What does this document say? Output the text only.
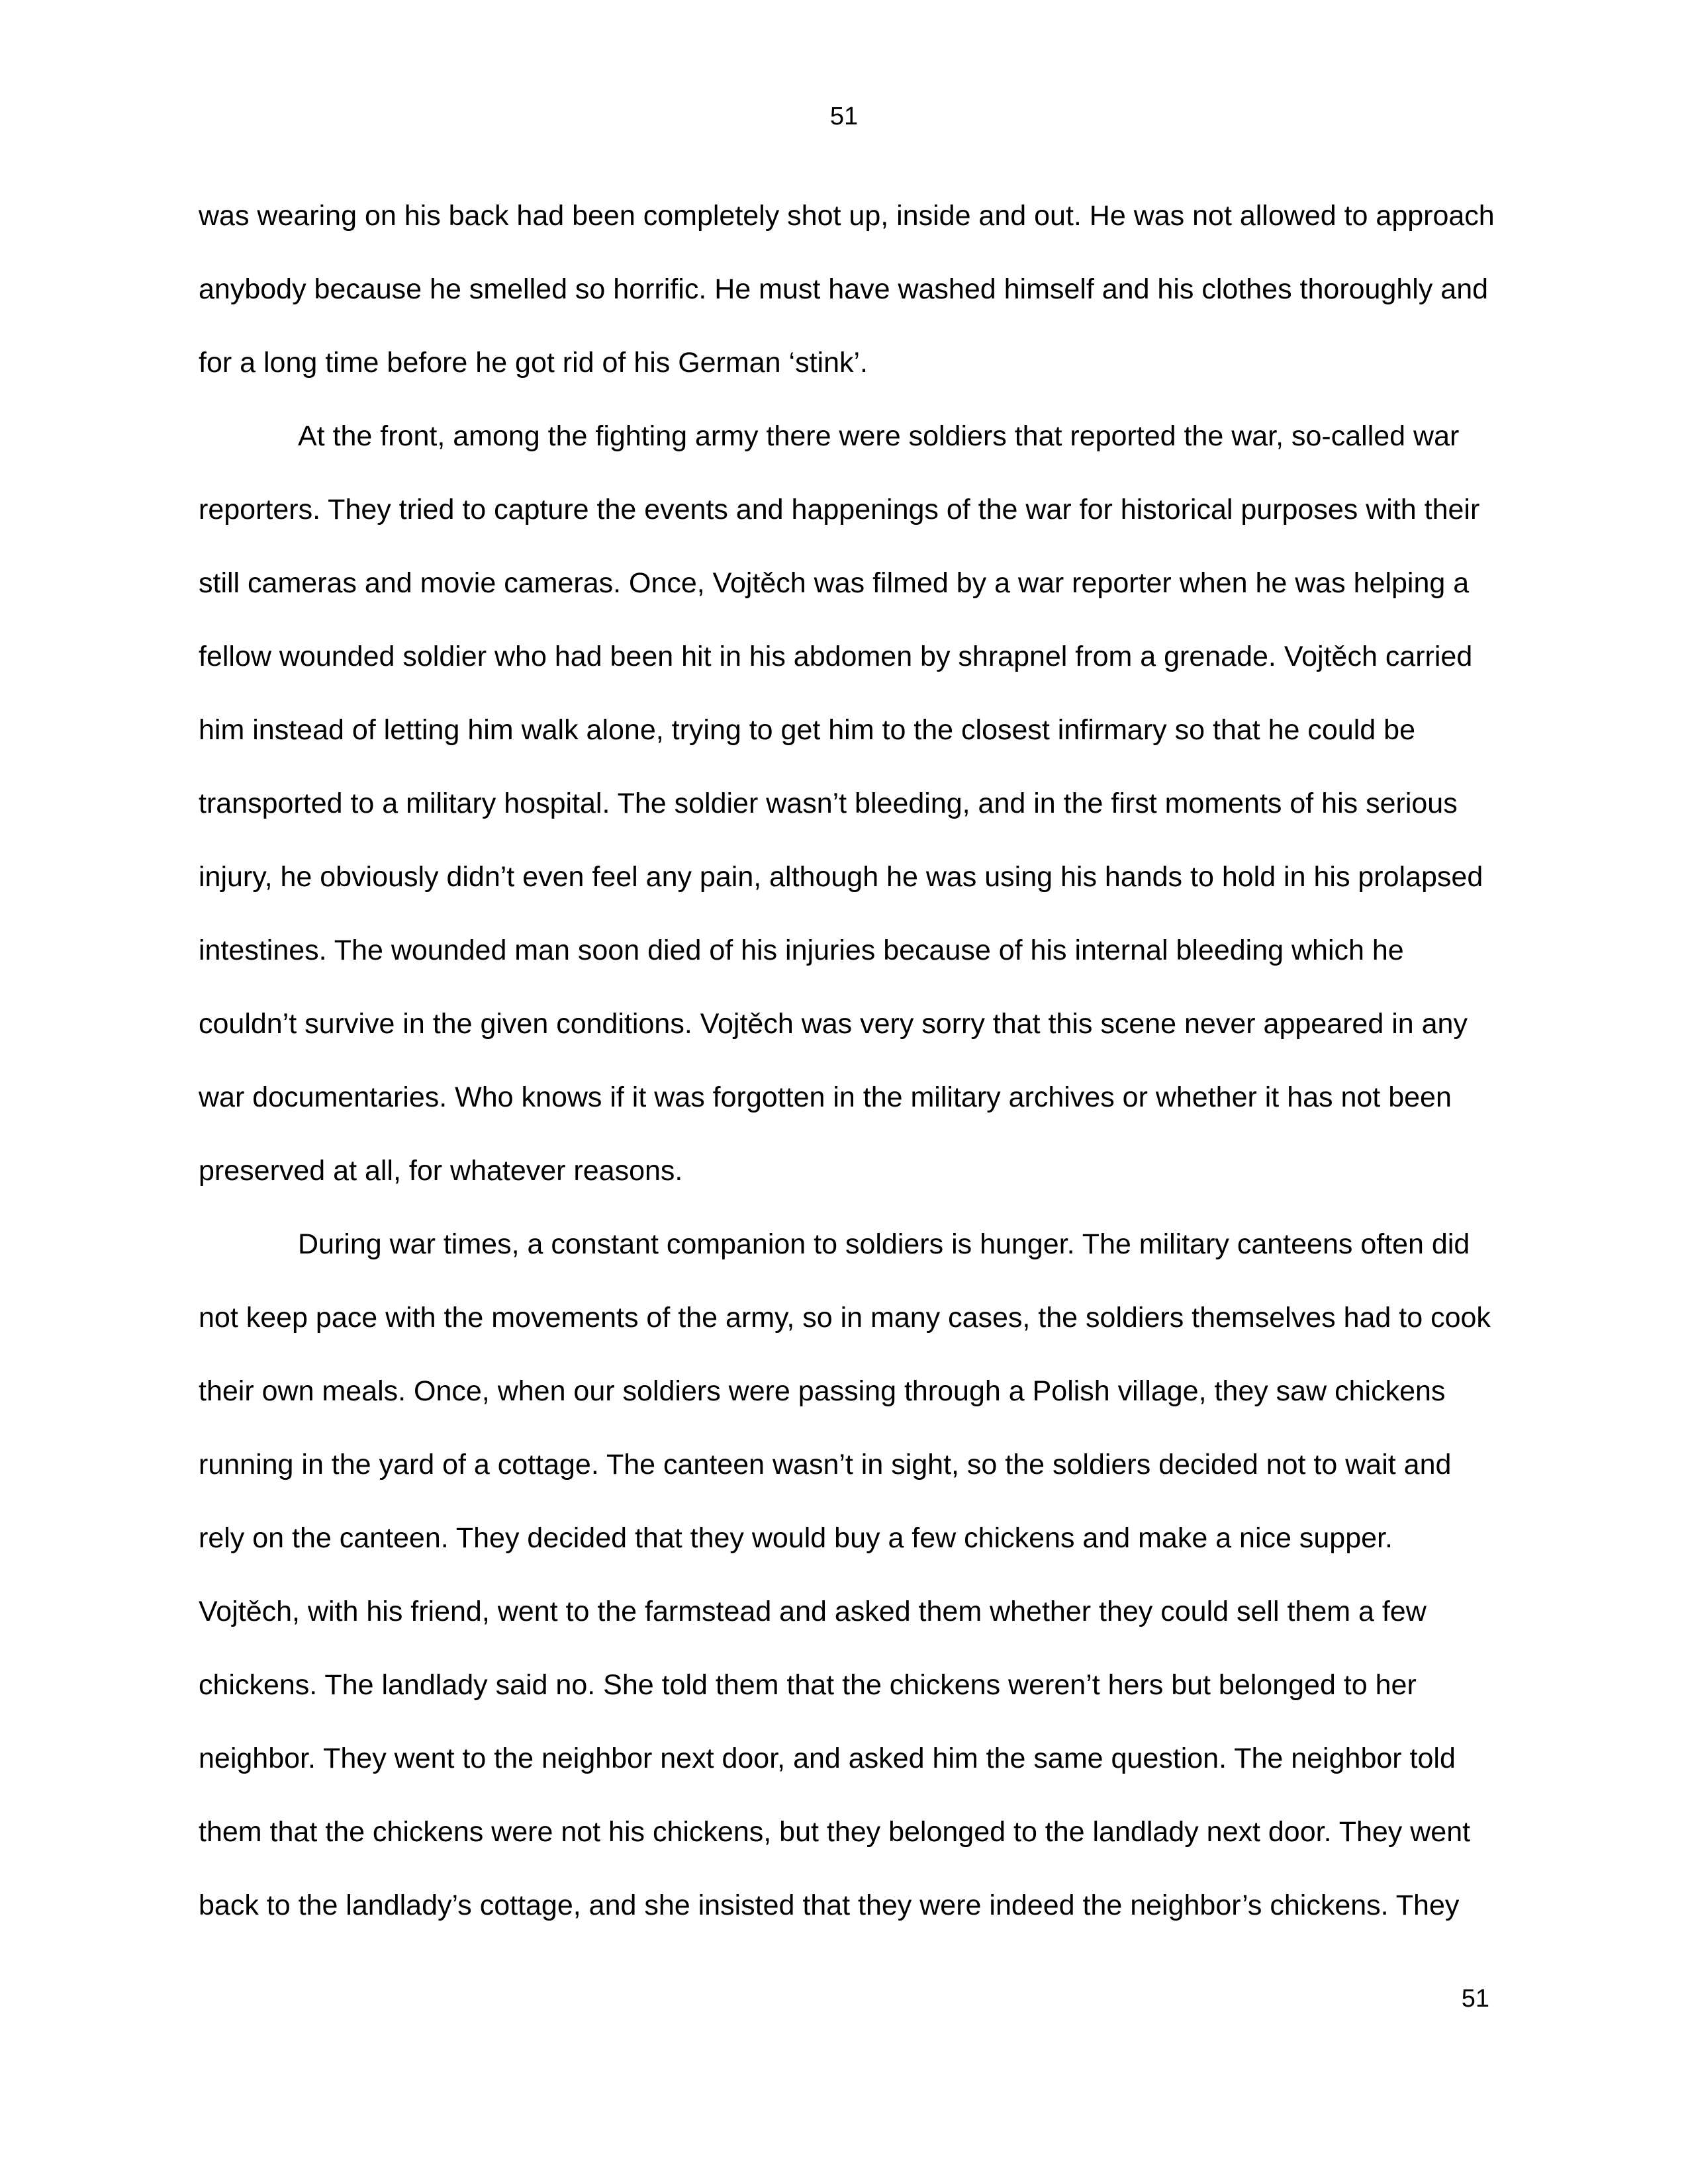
51
was wearing on his back had been completely shot up, inside and out. He was not allowed to approach
anybody because he smelled so horrific. He must have washed himself and his clothes thoroughly and
for a long time before he got rid of his German ‘stink’.
At the front, among the fighting army there were soldiers that reported the war, so-called war
reporters. They tried to capture the events and happenings of the war for historical purposes with their
still cameras and movie cameras. Once, Vojtěch was filmed by a war reporter when he was helping a
fellow wounded soldier who had been hit in his abdomen by shrapnel from a grenade. Vojtěch carried
him instead of letting him walk alone, trying to get him to the closest infirmary so that he could be
transported to a military hospital. The soldier wasn’t bleeding, and in the first moments of his serious
injury, he obviously didn’t even feel any pain, although he was using his hands to hold in his prolapsed
intestines. The wounded man soon died of his injuries because of his internal bleeding which he
couldn’t survive in the given conditions. Vojtěch was very sorry that this scene never appeared in any
war documentaries. Who knows if it was forgotten in the military archives or whether it has not been
preserved at all, for whatever reasons.
During war times, a constant companion to soldiers is hunger. The military canteens often did
not keep pace with the movements of the army, so in many cases, the soldiers themselves had to cook
their own meals. Once, when our soldiers were passing through a Polish village, they saw chickens
running in the yard of a cottage. The canteen wasn’t in sight, so the soldiers decided not to wait and
rely on the canteen. They decided that they would buy a few chickens and make a nice supper.
Vojtěch, with his friend, went to the farmstead and asked them whether they could sell them a few
chickens. The landlady said no. She told them that the chickens weren’t hers but belonged to her
neighbor. They went to the neighbor next door, and asked him the same question. The neighbor told
them that the chickens were not his chickens, but they belonged to the landlady next door. They went
back to the landlady’s cottage, and she insisted that they were indeed the neighbor’s chickens. They
51
